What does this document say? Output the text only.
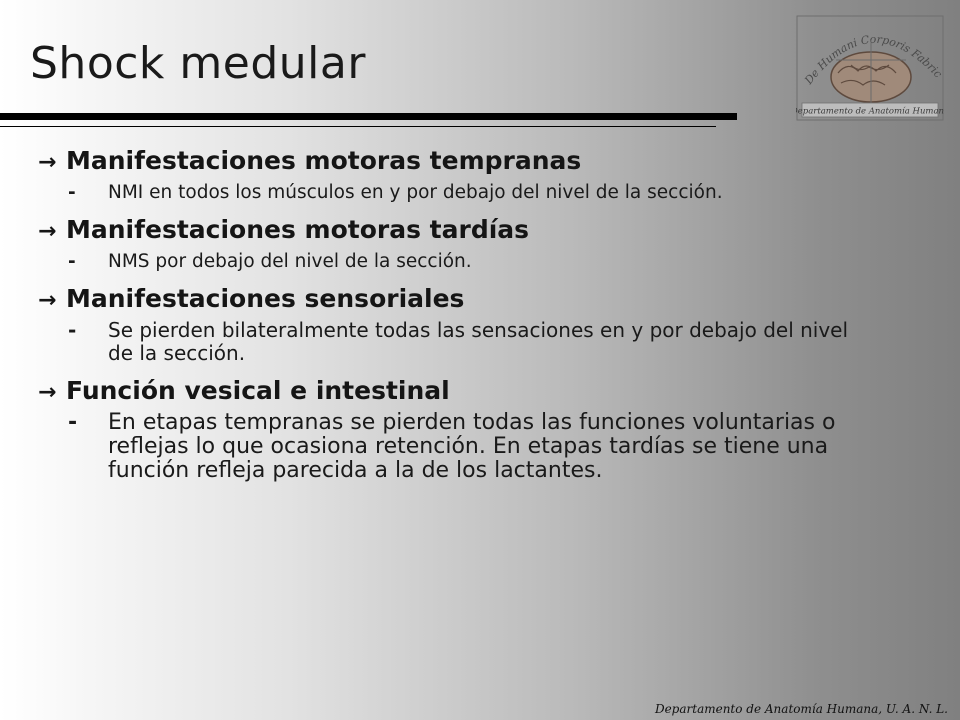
Shock medular	De Humani Corporis Fabric
Departamento de Anatomía Humana
→ Manifestaciones motoras tempranas
-	NMI en todos los músculos en y por debajo del nivel de la sección.
→ Manifestaciones motoras tardías
-	NMS por debajo del nivel de la sección.
→ Manifestaciones sensoriales
-	Se pierden bilateralmente todas las sensaciones en y por debajo del nivel de la sección.
→ Función vesical e intestinal
-	En etapas tempranas se pierden todas las funciones voluntarias o reflejas lo que ocasiona retención. En etapas tardías se tiene una función refleja parecida a la de los lactantes.
Departamento de Anatomía Humana, U. A. N. L.
